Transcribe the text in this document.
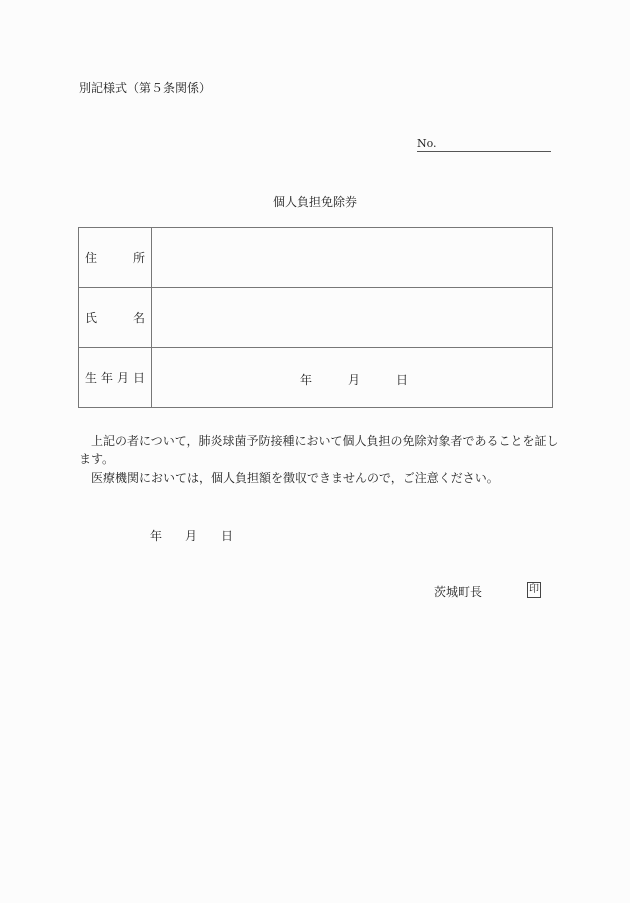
別記様式（第５条関係）
No.
個人負担免除券
住 所	

氏 名	

生 年 月 日	年 月 日
上記の者について，肺炎球菌予防接種において個人負担の免除対象者であることを証し
ます。
医療機関においては，個人負担額を徴収できませんので，ご注意ください。
年 月 日
茨城町長	印
